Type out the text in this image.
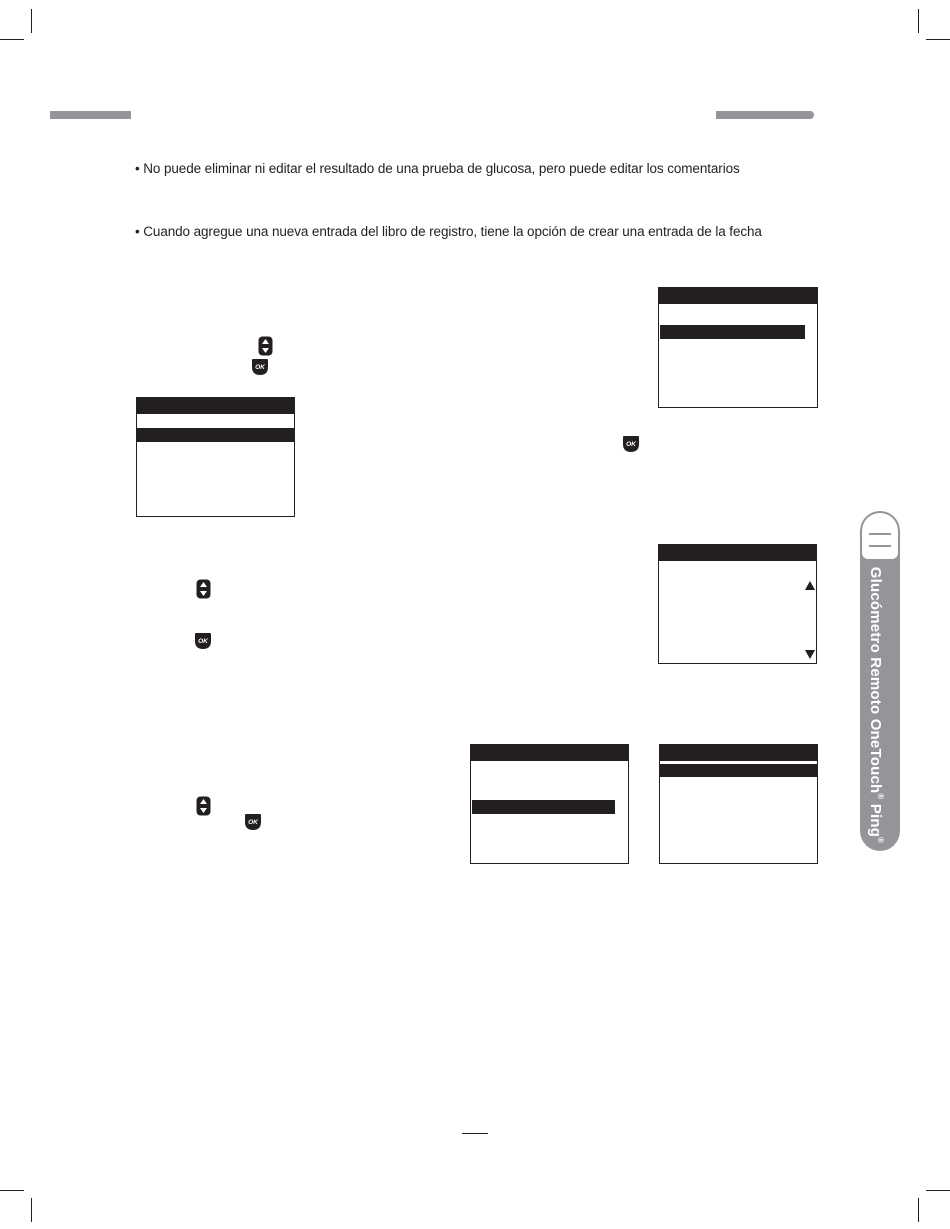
• No puede eliminar ni editar el resultado de una prueba de glucosa, pero puede editar los comentarios
• Cuando agregue una nueva entrada del libro de registro, tiene la opción de crear una entrada de la fecha
OK
OK
OK
OK
Glucómetro Remoto OneTouch® Ping®
